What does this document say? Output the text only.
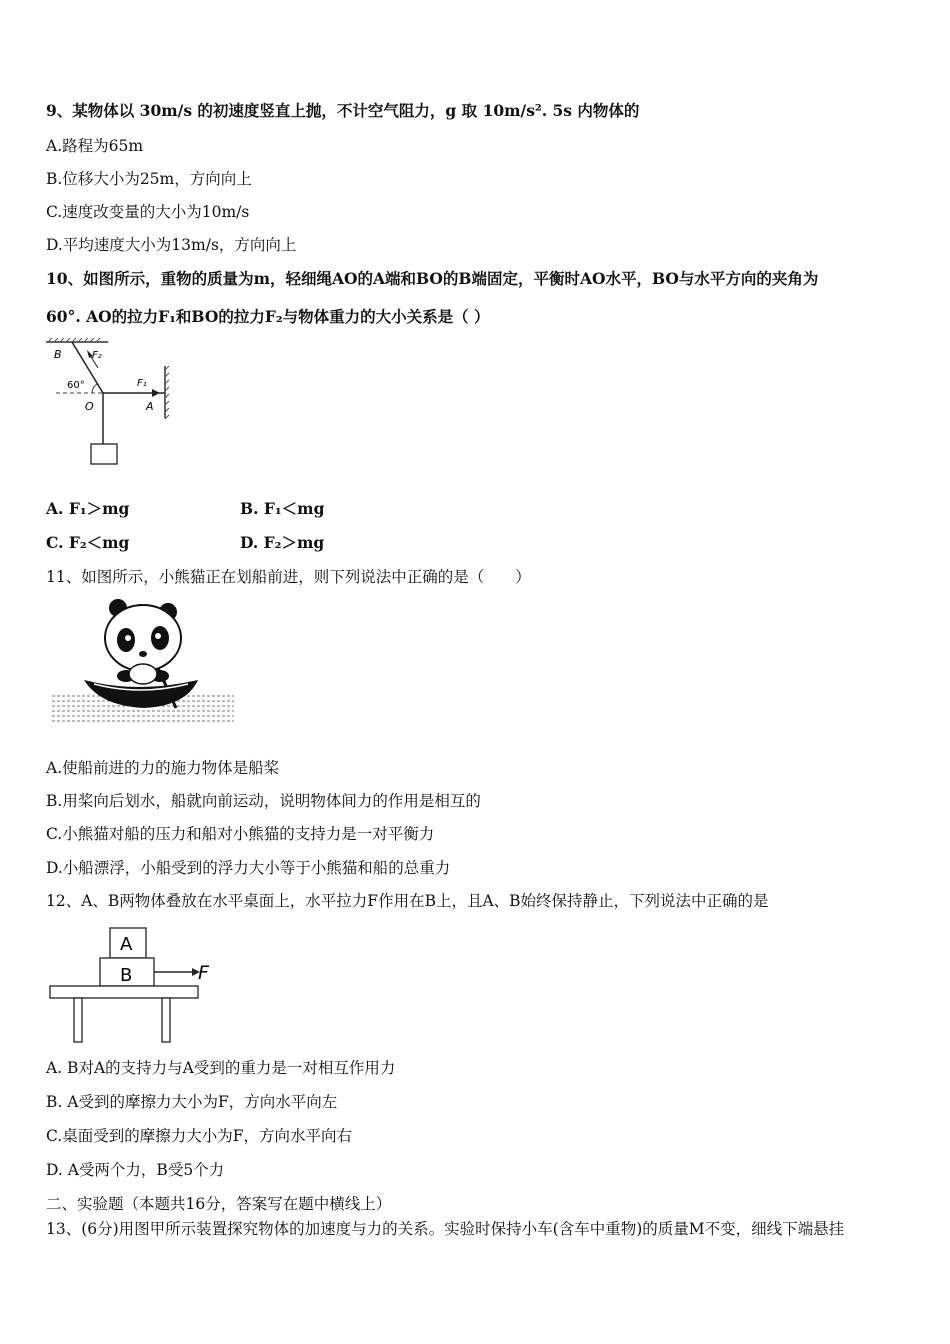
9、某物体以 30m/s 的初速度竖直上抛，不计空气阻力，g 取 10m/s². 5s 内物体的
A.路程为65m
B.位移大小为25m，方向向上
C.速度改变量的大小为10m/s
D.平均速度大小为13m/s，方向向上
10、如图所示，重物的质量为m，轻细绳AO的A端和BO的B端固定，平衡时AO水平，BO与水平方向的夹角为
60°. AO的拉力F₁和BO的拉力F₂与物体重力的大小关系是（ ）
B	F₂
60°	F₁
O	A
A. F₁＞mg	B. F₁＜mg
C. F₂＜mg	D. F₂＞mg
11、如图所示，小熊猫正在划船前进，则下列说法中正确的是（　　）
A.使船前进的力的施力物体是船桨
B.用桨向后划水，船就向前运动，说明物体间力的作用是相互的
C.小熊猫对船的压力和船对小熊猫的支持力是一对平衡力
D.小船漂浮，小船受到的浮力大小等于小熊猫和船的总重力
12、A、B两物体叠放在水平桌面上，水平拉力F作用在B上，且A、B始终保持静止，下列说法中正确的是
A
B	F
A. B对A的支持力与A受到的重力是一对相互作用力
B. A受到的摩擦力大小为F，方向水平向左
C.桌面受到的摩擦力大小为F，方向水平向右
D. A受两个力，B受5个力
二、实验题（本题共16分，答案写在题中横线上）
13、(6分)用图甲所示装置探究物体的加速度与力的关系。实验时保持小车(含车中重物)的质量M不变，细线下端悬挂
